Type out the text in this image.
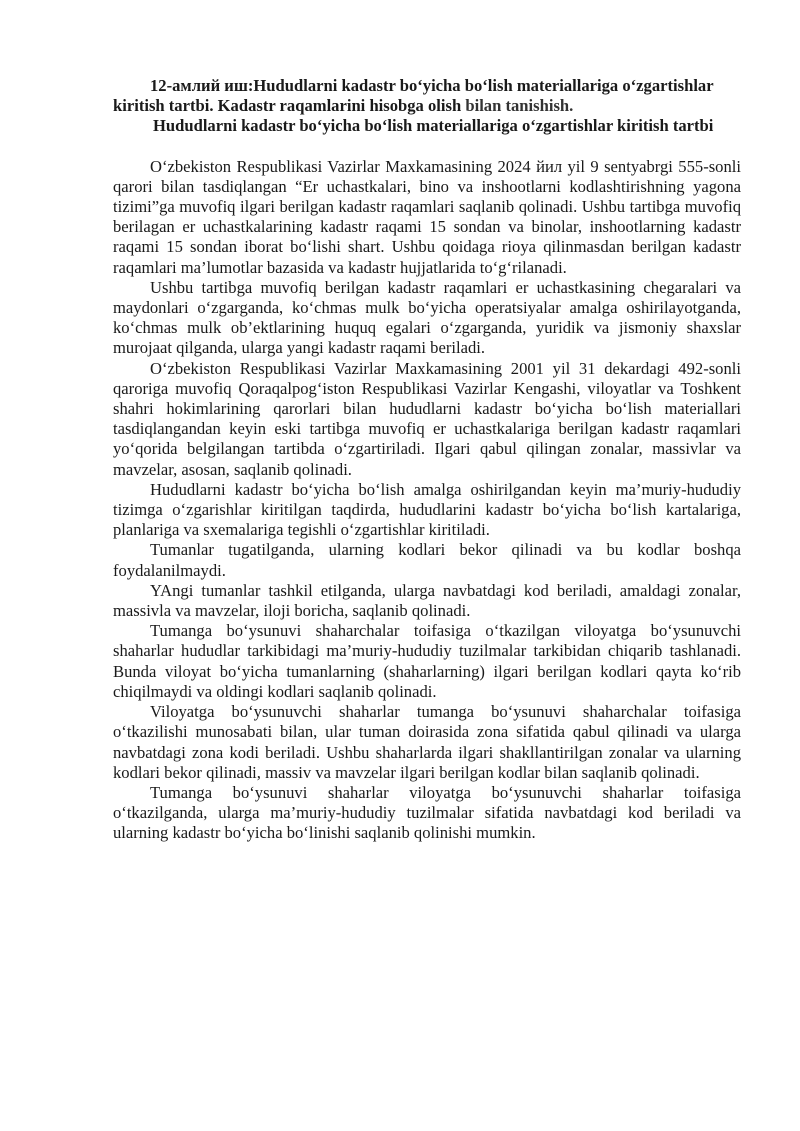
12-амлий иш:Hududlarni kadastr bo‘yicha bo‘lish materiallariga o‘zgartishlar kiritish tartbi. Kadastr raqamlarini hisobga olish bilan tanishish.

Hududlarni kadastr bo‘yicha bo‘lish materiallariga o‘zgartishlar kiritish tartbi

O‘zbekiston Respublikasi Vazirlar Maxkamasining 2024 йил yil 9 sentyabrgi 555-sonli qarori bilan tasdiqlangan “Er uchastkalari, bino va inshootlarni kodlashtirishning yagona tizimi”ga muvofiq ilgari berilgan kadastr raqamlari saqlanib qolinadi. Ushbu tartibga muvofiq berilagan er uchastkalarining kadastr raqami 15 sondan va binolar, inshootlarning kadastr raqami 15 sondan iborat bo‘lishi shart. Ushbu qoidaga rioya qilinmasdan berilgan kadastr raqamlari ma’lumotlar bazasida va kadastr hujjatlarida to‘g‘rilanadi.

Ushbu tartibga muvofiq berilgan kadastr raqamlari er uchastkasining chegaralari va maydonlari o‘zgarganda, ko‘chmas mulk bo‘yicha operatsiyalar amalga oshirilayotganda, ko‘chmas mulk ob’ektlarining huquq egalari o‘zgarganda, yuridik va jismoniy shaxslar murojaat qilganda, ularga yangi kadastr raqami beriladi.

O‘zbekiston Respublikasi Vazirlar Maxkamasining 2001 yil 31 dekardagi 492-sonli qaroriga muvofiq Qoraqalpog‘iston Respublikasi Vazirlar Kengashi, viloyatlar va Toshkent shahri hokimlarining qarorlari bilan hududlarni kadastr bo‘yicha bo‘lish materiallari tasdiqlangandan keyin eski tartibga muvofiq er uchastkalariga berilgan kadastr raqamlari yo‘qorida belgilangan tartibda o‘zgartiriladi. Ilgari qabul qilingan zonalar, massivlar va mavzelar, asosan, saqlanib qolinadi.

Hududlarni kadastr bo‘yicha bo‘lish amalga oshirilgandan keyin ma’muriy-hududiy tizimga o‘zgarishlar kiritilgan taqdirda, hududlarini kadastr bo‘yicha bo‘lish kartalariga, planlariga va sxemalariga tegishli o‘zgartishlar kiritiladi.

Tumanlar tugatilganda, ularning kodlari bekor qilinadi va bu kodlar boshqa foydalanilmaydi.

YAngi tumanlar tashkil etilganda, ularga navbatdagi kod beriladi, amaldagi zonalar, massivla va mavzelar, iloji boricha, saqlanib qolinadi.

Tumanga bo‘ysunuvi shaharchalar toifasiga o‘tkazilgan viloyatga bo‘ysunuvchi shaharlar hududlar tarkibidagi ma’muriy-hududiy tuzilmalar tarkibidan chiqarib tashlanadi. Bunda viloyat bo‘yicha tumanlarning (shaharlarning) ilgari berilgan kodlari qayta ko‘rib chiqilmaydi va oldingi kodlari saqlanib qolinadi.

Viloyatga bo‘ysunuvchi shaharlar tumanga bo‘ysunuvi shaharchalar toifasiga o‘tkazilishi munosabati bilan, ular tuman doirasida zona sifatida qabul qilinadi va ularga navbatdagi zona kodi beriladi. Ushbu shaharlarda ilgari shakllantirilgan zonalar va ularning kodlari bekor qilinadi, massiv va mavzelar ilgari berilgan kodlar bilan saqlanib qolinadi.

Tumanga bo‘ysunuvi shaharlar viloyatga bo‘ysunuvchi shaharlar toifasiga o‘tkazilganda, ularga ma’muriy-hududiy tuzilmalar sifatida navbatdagi kod beriladi va ularning kadastr bo‘yicha bo‘linishi saqlanib qolinishi mumkin.
